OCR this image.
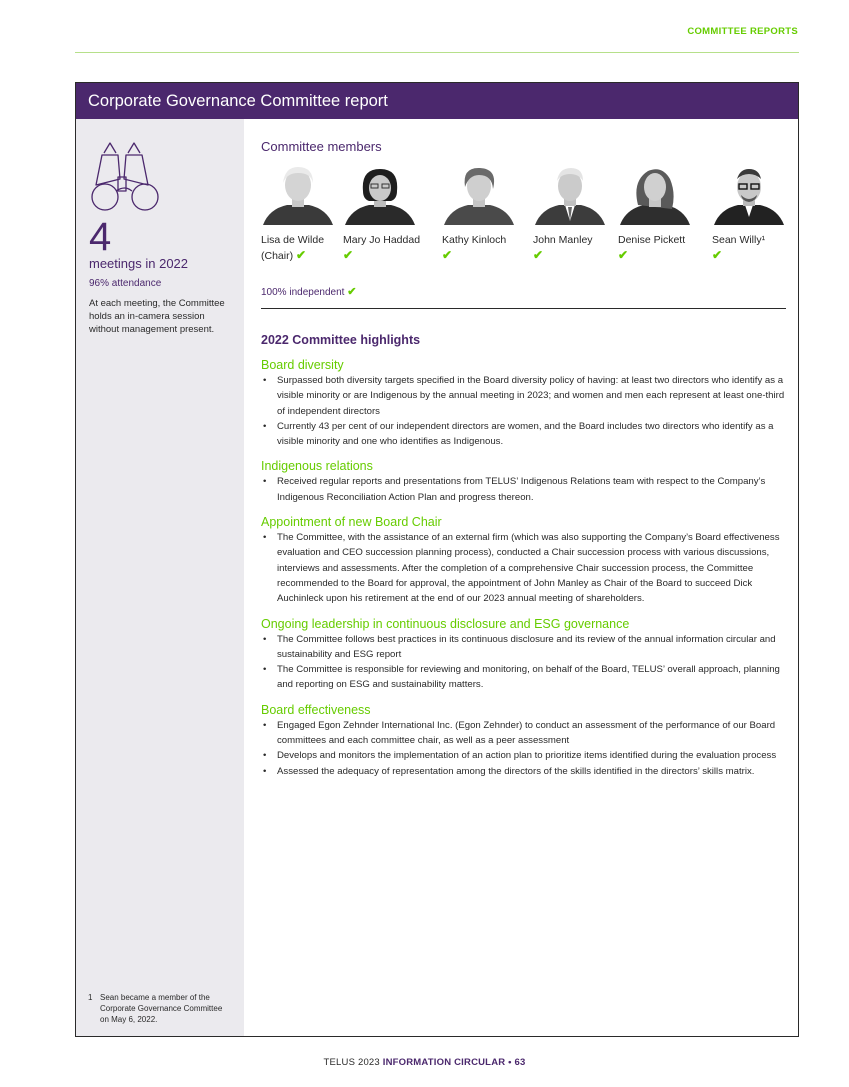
COMMITTEE REPORTS
Corporate Governance Committee report
4
meetings in 2022
96% attendance
At each meeting, the Committee holds an in-camera session without management present.
1 Sean became a member of the Corporate Governance Committee on May 6, 2022.
Committee members
Lisa de Wilde
(Chair) ✔
Mary Jo Haddad
✔
Kathy Kinloch
✔
John Manley
✔
Denise Pickett
✔
Sean Willy¹
✔
100% independent ✔
2022 Committee highlights

Board diversity

• Surpassed both diversity targets specified in the Board diversity policy of having: at least two directors who identify as a visible minority or are Indigenous by the annual meeting in 2023; and women and men each represent at least one-third of independent directors
• Currently 43 per cent of our independent directors are women, and the Board includes two directors who identify as a visible minority and one who identifies as Indigenous.

Indigenous relations

• Received regular reports and presentations from TELUS’ Indigenous Relations team with respect to the Company’s Indigenous Reconciliation Action Plan and progress thereon.

Appointment of new Board Chair

• The Committee, with the assistance of an external firm (which was also supporting the Company’s Board effectiveness evaluation and CEO succession planning process), conducted a Chair succession process with various discussions, interviews and assessments. After the completion of a comprehensive Chair succession process, the Committee recommended to the Board for approval, the appointment of John Manley as Chair of the Board to succeed Dick Auchinleck upon his retirement at the end of our 2023 annual meeting of shareholders.

Ongoing leadership in continuous disclosure and ESG governance

• The Committee follows best practices in its continuous disclosure and its review of the annual information circular and sustainability and ESG report
• The Committee is responsible for reviewing and monitoring, on behalf of the Board, TELUS’ overall approach, planning and reporting on ESG and sustainability matters.

Board effectiveness

• Engaged Egon Zehnder International Inc. (Egon Zehnder) to conduct an assessment of the performance of our Board committees and each committee chair, as well as a peer assessment
• Develops and monitors the implementation of an action plan to prioritize items identified during the evaluation process
• Assessed the adequacy of representation among the directors of the skills identified in the directors’ skills matrix.
TELUS 2023 INFORMATION CIRCULAR • 63
